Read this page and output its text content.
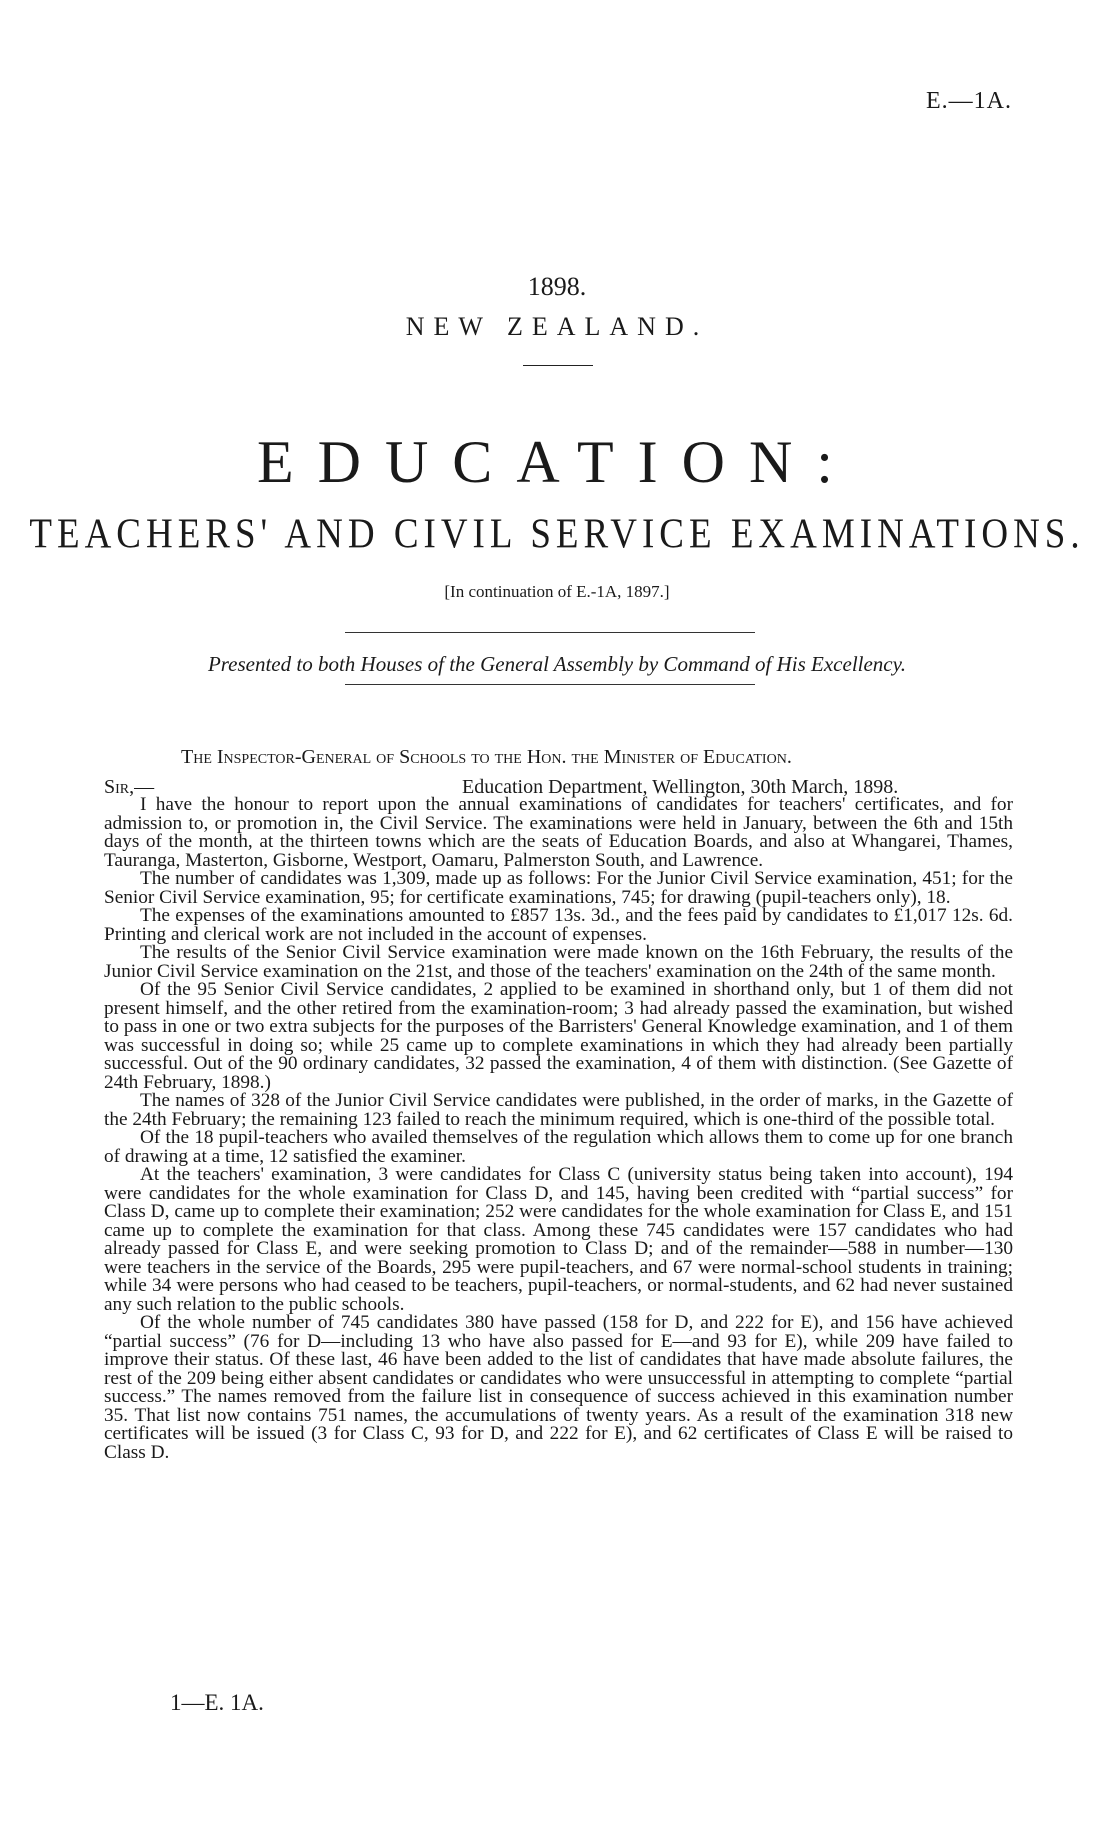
E.—1A.
1898.
NEW ZEALAND.
EDUCATION:
TEACHERS' AND CIVIL SERVICE EXAMINATIONS.
[In continuation of E.-1A, 1897.]
Presented to both Houses of the General Assembly by Command of His Excellency.
The Inspector-General of Schools to the Hon. the Minister of Education.
Sir,—	Education Department, Wellington, 30th March, 1898.

I have the honour to report upon the annual examinations of candidates for teachers' certificates, and for admission to, or promotion in, the Civil Service. The examinations were held in January, between the 6th and 15th days of the month, at the thirteen towns which are the seats of Education Boards, and also at Whangarei, Thames, Tauranga, Masterton, Gisborne, Westport, Oamaru, Palmerston South, and Lawrence.

The number of candidates was 1,309, made up as follows: For the Junior Civil Service examination, 451; for the Senior Civil Service examination, 95; for certificate examinations, 745; for drawing (pupil-teachers only), 18.

The expenses of the examinations amounted to £857 13s. 3d., and the fees paid by candidates to £1,017 12s. 6d. Printing and clerical work are not included in the account of expenses.

The results of the Senior Civil Service examination were made known on the 16th February, the results of the Junior Civil Service examination on the 21st, and those of the teachers' examination on the 24th of the same month.

Of the 95 Senior Civil Service candidates, 2 applied to be examined in shorthand only, but 1 of them did not present himself, and the other retired from the examination-room; 3 had already passed the examination, but wished to pass in one or two extra subjects for the purposes of the Barristers' General Knowledge examination, and 1 of them was successful in doing so; while 25 came up to complete examinations in which they had already been partially successful. Out of the 90 ordinary candidates, 32 passed the examination, 4 of them with distinction. (See Gazette of 24th February, 1898.)

The names of 328 of the Junior Civil Service candidates were published, in the order of marks, in the Gazette of the 24th February; the remaining 123 failed to reach the minimum required, which is one-third of the possible total.

Of the 18 pupil-teachers who availed themselves of the regulation which allows them to come up for one branch of drawing at a time, 12 satisfied the examiner.

At the teachers' examination, 3 were candidates for Class C (university status being taken into account), 194 were candidates for the whole examination for Class D, and 145, having been credited with “partial success” for Class D, came up to complete their examination; 252 were candidates for the whole examination for Class E, and 151 came up to complete the examination for that class. Among these 745 candidates were 157 candidates who had already passed for Class E, and were seeking promotion to Class D; and of the remainder—588 in number—130 were teachers in the service of the Boards, 295 were pupil-teachers, and 67 were normal-school students in training; while 34 were persons who had ceased to be teachers, pupil-teachers, or normal-students, and 62 had never sustained any such relation to the public schools.

Of the whole number of 745 candidates 380 have passed (158 for D, and 222 for E), and 156 have achieved “partial success” (76 for D—including 13 who have also passed for E—and 93 for E), while 209 have failed to improve their status. Of these last, 46 have been added to the list of candidates that have made absolute failures, the rest of the 209 being either absent candidates or candidates who were unsuccessful in attempting to complete “partial success.” The names removed from the failure list in consequence of success achieved in this examination number 35. That list now contains 751 names, the accumulations of twenty years. As a result of the examination 318 new certificates will be issued (3 for Class C, 93 for D, and 222 for E), and 62 certificates of Class E will be raised to Class D.

1—E. 1A.
